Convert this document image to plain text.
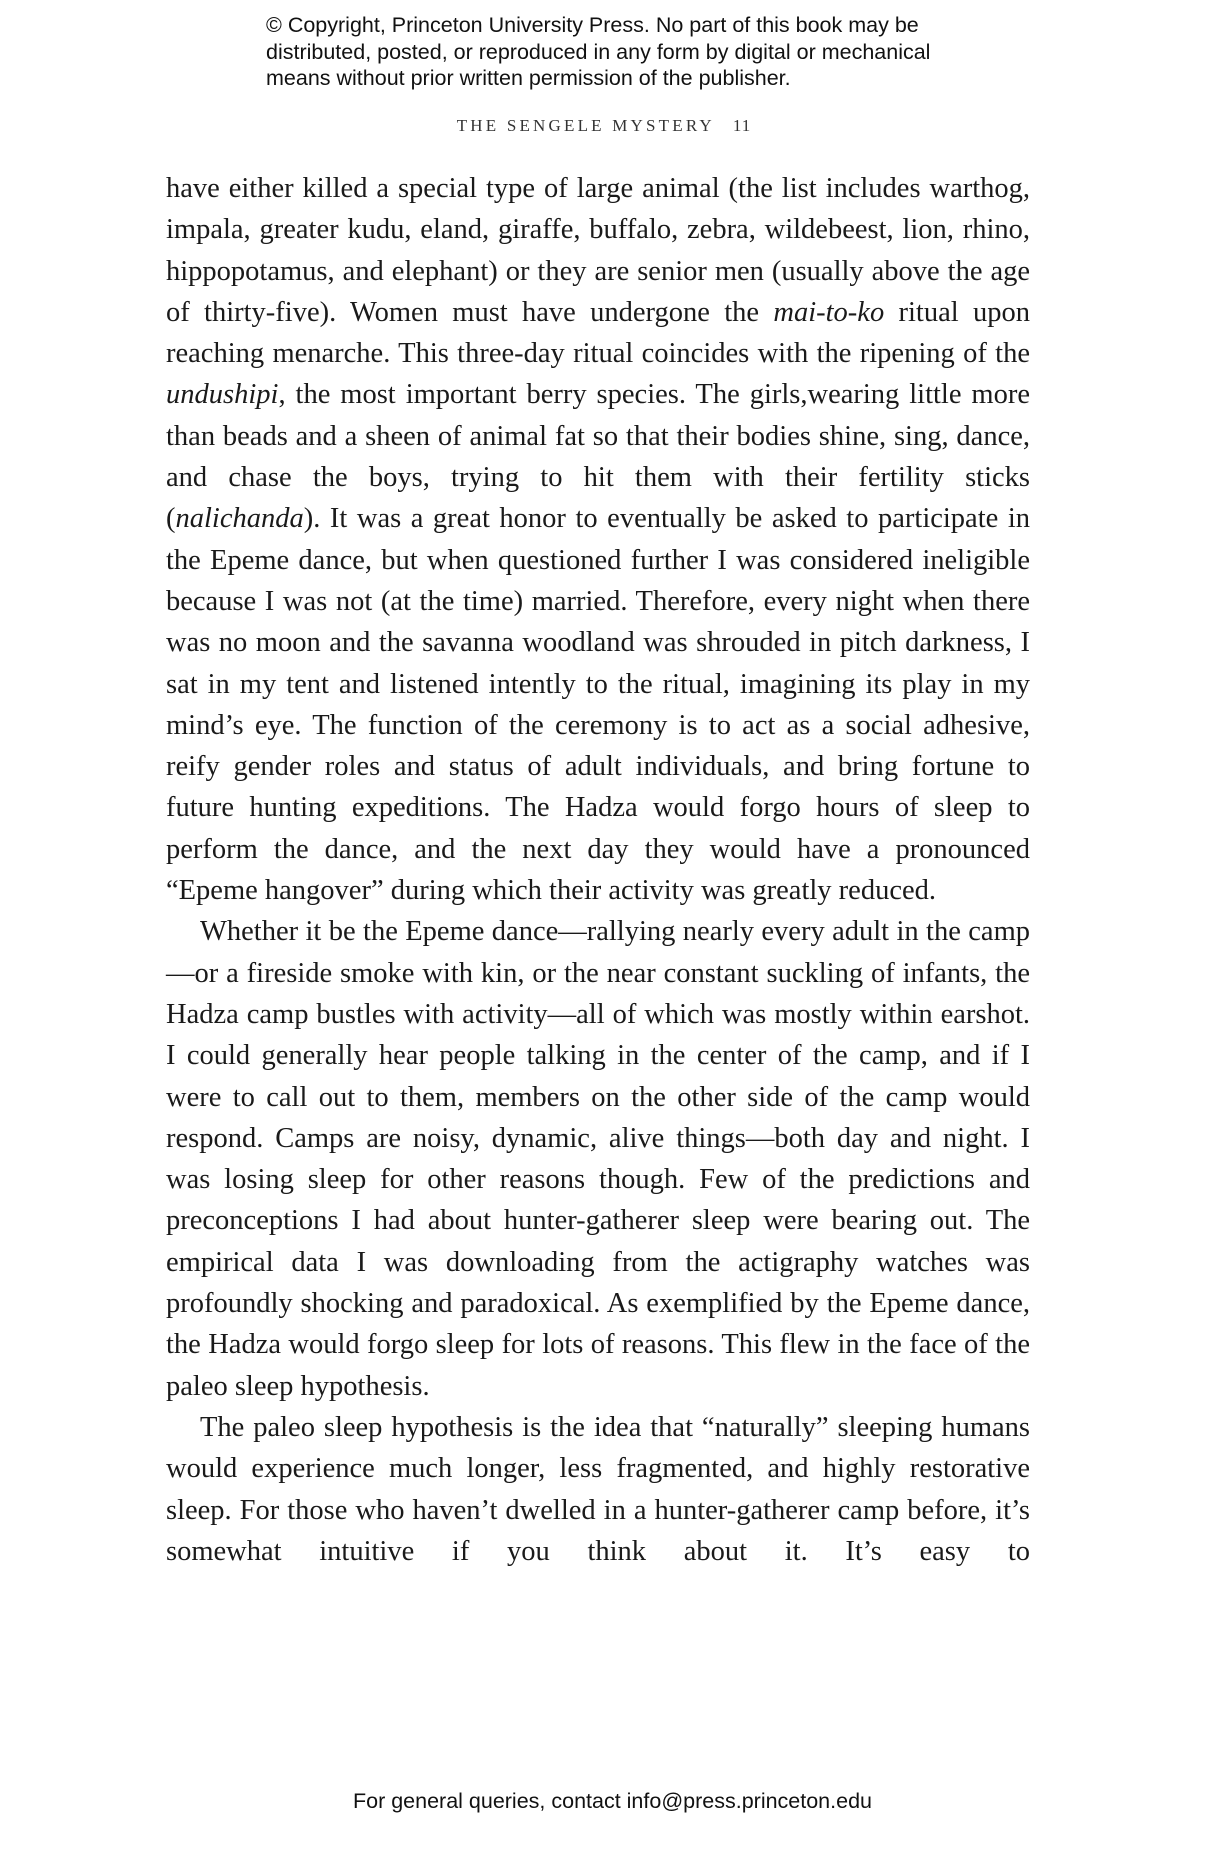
© Copyright, Princeton University Press. No part of this book may be
distributed, posted, or reproduced in any form by digital or mechanical
means without prior written permission of the publisher.
THE SENGELE MYSTERY 11

have either killed a special type of large animal (the list includes warthog, impala, greater kudu, eland, giraffe, buffalo, zebra, wildebeest, lion, rhino, hippopotamus, and elephant) or they are senior men (usually above the age of thirty-five). Women must have undergone the mai-to-ko ritual upon reaching menarche. This three-day ritual coincides with the ripening of the undushipi, the most important berry species. The girls,wearing little more than beads and a sheen of animal fat so that their bodies shine, sing, dance, and chase the boys, trying to hit them with their fertility sticks (nalichanda). It was a great honor to eventually be asked to participate in the Epeme dance, but when questioned further I was considered ineligible because I was not (at the time) married. Therefore, every night when there was no moon and the savanna woodland was shrouded in pitch darkness, I sat in my tent and listened intently to the ritual, imagining its play in my mind’s eye. The function of the ceremony is to act as a social adhesive, reify gender roles and status of adult individuals, and bring fortune to future hunting expeditions. The Hadza would forgo hours of sleep to perform the dance, and the next day they would have a pronounced “Epeme hangover” during which their activity was greatly reduced.

Whether it be the Epeme dance—rallying nearly every adult in the camp—or a fireside smoke with kin, or the near constant suckling of infants, the Hadza camp bustles with activity—all of which was mostly within earshot. I could generally hear people talking in the center of the camp, and if I were to call out to them, members on the other side of the camp would respond. Camps are noisy, dynamic, alive things—both day and night. I was losing sleep for other reasons though. Few of the predictions and preconceptions I had about hunter-gatherer sleep were bearing out. The empirical data I was downloading from the actigraphy watches was profoundly shocking and paradoxical. As exemplified by the Epeme dance, the Hadza would forgo sleep for lots of reasons. This flew in the face of the paleo sleep hypothesis.

The paleo sleep hypothesis is the idea that “naturally” sleeping humans would experience much longer, less fragmented, and highly restorative sleep. For those who haven’t dwelled in a hunter-gatherer camp before, it’s somewhat intuitive if you think about it. It’s easy to

For general queries, contact info@press.princeton.edu
